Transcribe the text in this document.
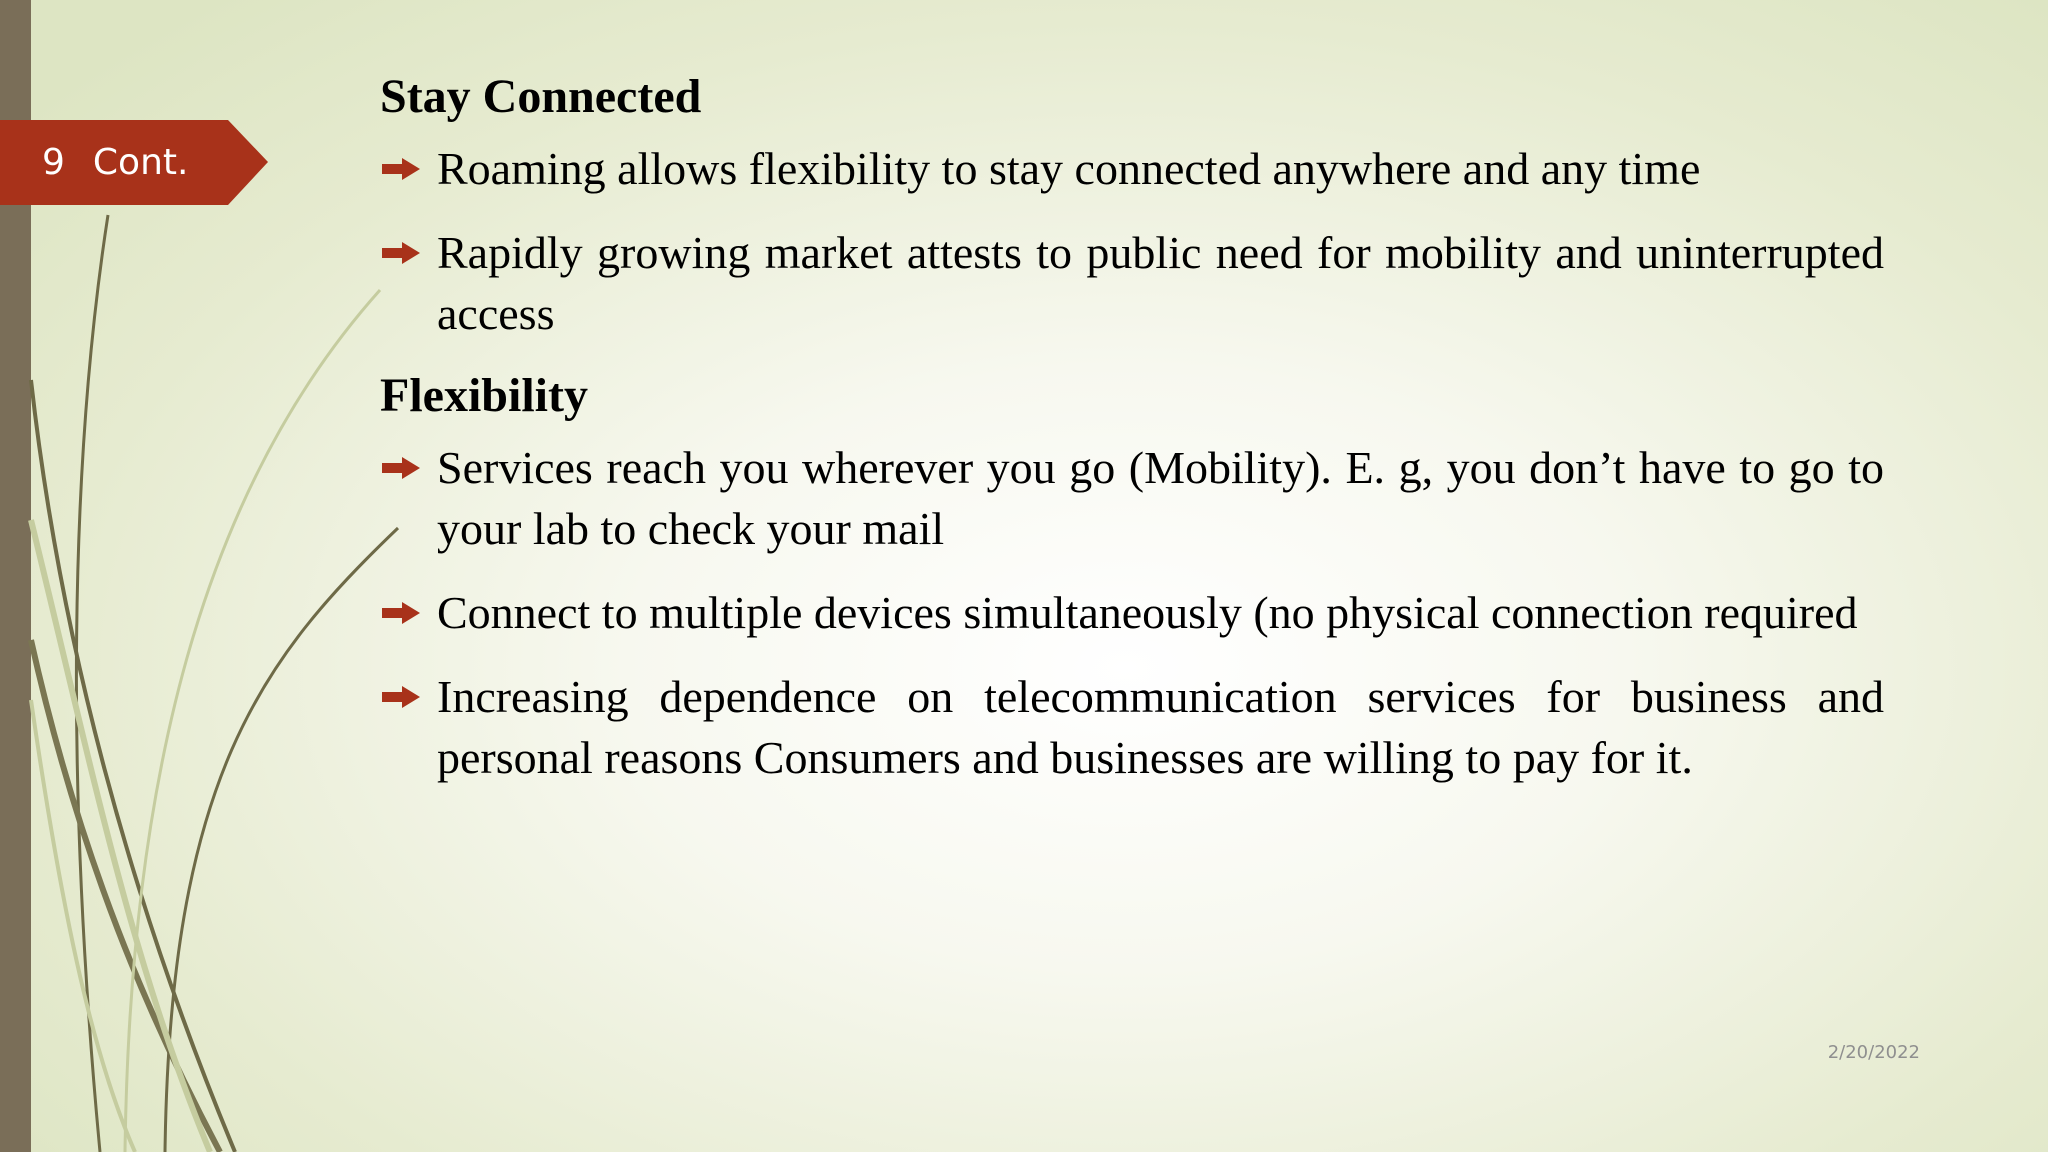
9 Cont.
Stay Connected
Roaming allows flexibility to stay connected anywhere and any time
Rapidly growing market attests to public need for mobility and uninterrupted access
Flexibility
Services reach you wherever you go (Mobility). E. g, you don’t have to go to your lab to check your mail
Connect to multiple devices simultaneously (no physical connection required
Increasing dependence on telecommunication services for business and personal reasons Consumers and businesses are willing to pay for it.
2/20/2022
